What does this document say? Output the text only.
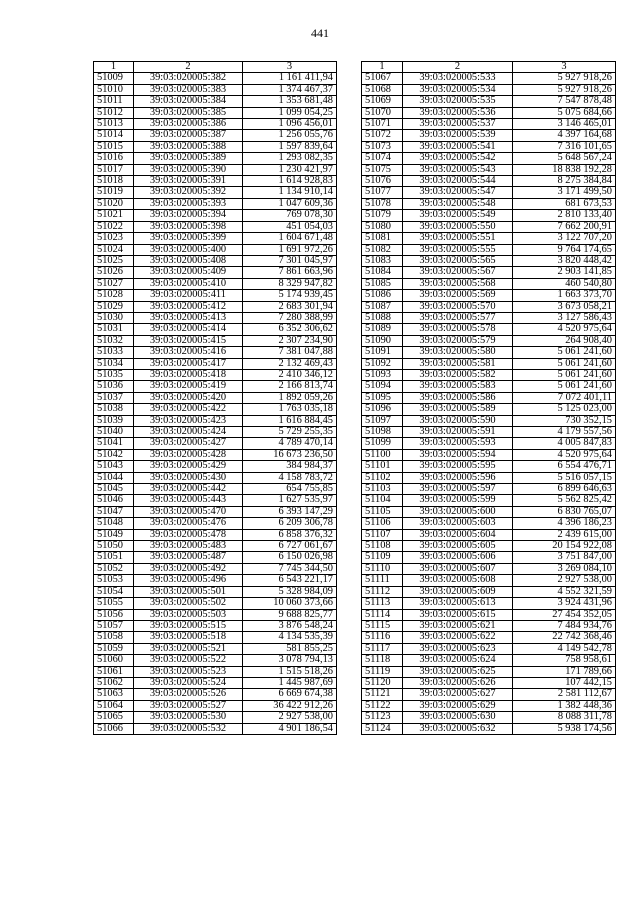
441
1	2	3
51009	39:03:020005:382	1 161 411,94
51010	39:03:020005:383	1 374 467,37
51011	39:03:020005:384	1 353 681,48
51012	39:03:020005:385	1 099 054,25
51013	39:03:020005:386	1 096 456,01
51014	39:03:020005:387	1 256 055,76
51015	39:03:020005:388	1 597 839,64
51016	39:03:020005:389	1 293 082,35
51017	39:03:020005:390	1 230 421,97
51018	39:03:020005:391	1 614 928,83
51019	39:03:020005:392	1 134 910,14
51020	39:03:020005:393	1 047 609,36
51021	39:03:020005:394	769 078,30
51022	39:03:020005:398	451 054,03
51023	39:03:020005:399	1 604 671,48
51024	39:03:020005:400	1 691 972,26
51025	39:03:020005:408	7 301 045,97
51026	39:03:020005:409	7 861 663,96
51027	39:03:020005:410	8 329 947,82
51028	39:03:020005:411	5 174 939,45
51029	39:03:020005:412	2 683 301,94
51030	39:03:020005:413	7 280 388,99
51031	39:03:020005:414	6 352 306,62
51032	39:03:020005:415	2 307 234,90
51033	39:03:020005:416	7 381 047,88
51034	39:03:020005:417	2 132 469,43
51035	39:03:020005:418	2 410 346,12
51036	39:03:020005:419	2 166 813,74
51037	39:03:020005:420	1 892 059,26
51038	39:03:020005:422	1 763 035,18
51039	39:03:020005:423	1 616 884,45
51040	39:03:020005:424	5 729 255,35
51041	39:03:020005:427	4 789 470,14
51042	39:03:020005:428	16 673 236,50
51043	39:03:020005:429	384 984,37
51044	39:03:020005:430	4 158 783,72
51045	39:03:020005:442	654 755,85
51046	39:03:020005:443	1 627 535,97
51047	39:03:020005:470	6 393 147,29
51048	39:03:020005:476	6 209 306,78
51049	39:03:020005:478	6 858 376,32
51050	39:03:020005:483	6 727 061,67
51051	39:03:020005:487	6 150 026,98
51052	39:03:020005:492	7 745 344,50
51053	39:03:020005:496	6 543 221,17
51054	39:03:020005:501	5 328 984,09
51055	39:03:020005:502	10 060 373,66
51056	39:03:020005:503	9 688 825,77
51057	39:03:020005:515	3 876 548,24
51058	39:03:020005:518	4 134 535,39
51059	39:03:020005:521	581 855,25
51060	39:03:020005:522	3 078 794,13
51061	39:03:020005:523	1 515 518,26
51062	39:03:020005:524	1 445 987,69
51063	39:03:020005:526	6 669 674,38
51064	39:03:020005:527	36 422 912,26
51065	39:03:020005:530	2 927 538,00
51066	39:03:020005:532	4 901 186,54
1	2	3
51067	39:03:020005:533	5 927 918,26
51068	39:03:020005:534	5 927 918,26
51069	39:03:020005:535	7 547 878,48
51070	39:03:020005:536	5 075 684,66
51071	39:03:020005:537	3 146 465,01
51072	39:03:020005:539	4 397 164,68
51073	39:03:020005:541	7 316 101,65
51074	39:03:020005:542	5 648 567,24
51075	39:03:020005:543	18 838 192,28
51076	39:03:020005:544	8 275 384,84
51077	39:03:020005:547	3 171 499,50
51078	39:03:020005:548	681 673,53
51079	39:03:020005:549	2 810 133,40
51080	39:03:020005:550	7 662 200,91
51081	39:03:020005:551	3 122 707,20
51082	39:03:020005:555	9 764 174,65
51083	39:03:020005:565	3 820 448,42
51084	39:03:020005:567	2 903 141,85
51085	39:03:020005:568	460 540,80
51086	39:03:020005:569	1 663 373,70
51087	39:03:020005:570	3 673 058,21
51088	39:03:020005:577	3 127 586,43
51089	39:03:020005:578	4 520 975,64
51090	39:03:020005:579	264 908,40
51091	39:03:020005:580	5 061 241,60
51092	39:03:020005:581	5 061 241,60
51093	39:03:020005:582	5 061 241,60
51094	39:03:020005:583	5 061 241,60
51095	39:03:020005:586	7 072 401,11
51096	39:03:020005:589	5 125 023,00
51097	39:03:020005:590	730 352,15
51098	39:03:020005:591	4 179 557,56
51099	39:03:020005:593	4 005 847,83
51100	39:03:020005:594	4 520 975,64
51101	39:03:020005:595	6 554 476,71
51102	39:03:020005:596	5 516 057,15
51103	39:03:020005:597	6 899 646,63
51104	39:03:020005:599	5 562 825,42
51105	39:03:020005:600	6 830 765,07
51106	39:03:020005:603	4 396 186,23
51107	39:03:020005:604	2 439 615,00
51108	39:03:020005:605	20 154 922,08
51109	39:03:020005:606	3 751 847,00
51110	39:03:020005:607	3 269 084,10
51111	39:03:020005:608	2 927 538,00
51112	39:03:020005:609	4 552 321,59
51113	39:03:020005:613	3 924 431,96
51114	39:03:020005:615	27 454 352,05
51115	39:03:020005:621	7 484 934,76
51116	39:03:020005:622	22 742 368,46
51117	39:03:020005:623	4 149 542,78
51118	39:03:020005:624	758 958,61
51119	39:03:020005:625	171 789,66
51120	39:03:020005:626	107 442,15
51121	39:03:020005:627	2 581 112,67
51122	39:03:020005:629	1 382 448,36
51123	39:03:020005:630	8 088 311,78
51124	39:03:020005:632	5 938 174,56
